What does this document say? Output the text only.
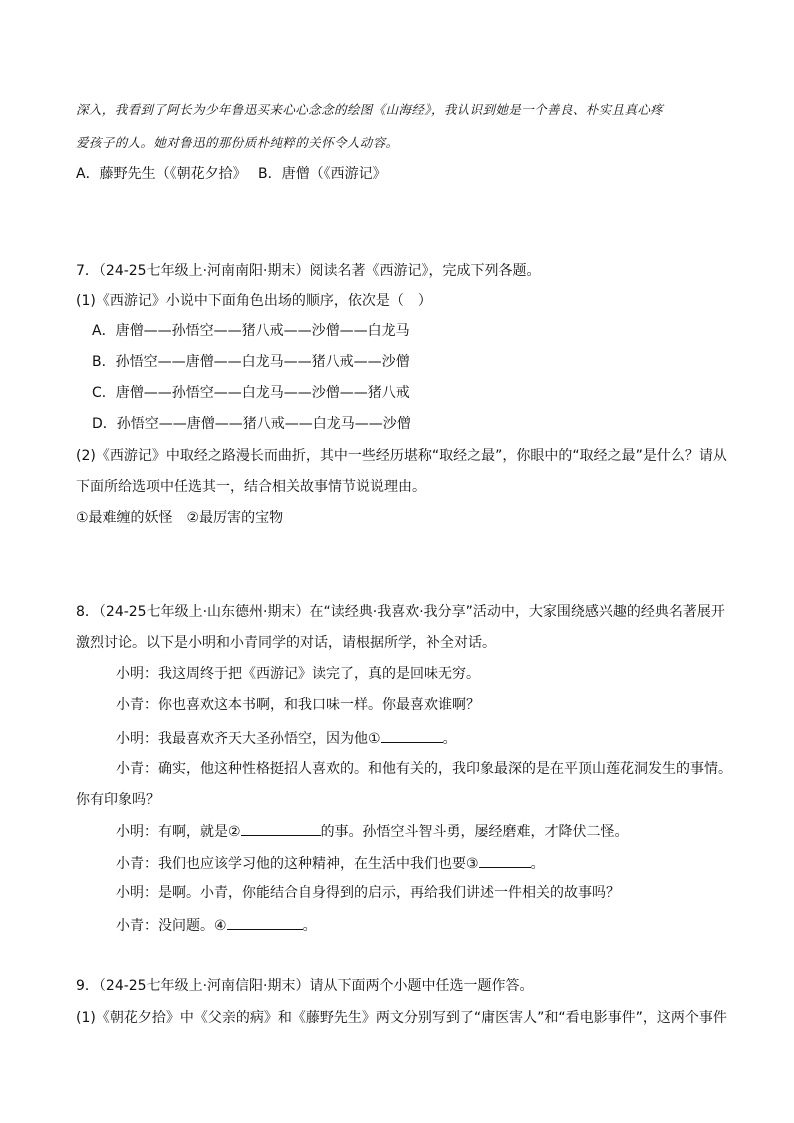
深入，我看到了阿长为少年鲁迅买来心心念念的绘图《山海经》，我认识到她是一个善良、朴实且真心疼
爱孩子的人。她对鲁迅的那份质朴纯粹的关怀令人动容。
A．藤野先生（《朝花夕拾》　 B．唐僧（《西游记》
7．（24-25七年级上·河南南阳·期末）阅读名著《西游记》，完成下列各题。
(1)《西游记》小说中下面角色出场的顺序，依次是（　）
A．唐僧——孙悟空——猪八戒——沙僧——白龙马
B．孙悟空——唐僧——白龙马——猪八戒——沙僧
C．唐僧——孙悟空——白龙马——沙僧——猪八戒
D．孙悟空——唐僧——猪八戒——白龙马——沙僧
(2)《西游记》中取经之路漫长而曲折，其中一些经历堪称“取经之最”，你眼中的“取经之最”是什么？请从
下面所给选项中任选其一，结合相关故事情节说说理由。
①最难缠的妖怪　②最厉害的宝物
8．（24-25七年级上·山东德州·期末）在“读经典·我喜欢·我分享”活动中，大家围绕感兴趣的经典名著展开
激烈讨论。以下是小明和小青同学的对话，请根据所学，补全对话。
小明：我这周终于把《西游记》读完了，真的是回味无穷。
小青：你也喜欢这本书啊，和我口味一样。你最喜欢谁啊？
小明：我最喜欢齐天大圣孙悟空，因为他①	。
小青：确实，他这种性格挺招人喜欢的。和他有关的，我印象最深的是在平顶山莲花洞发生的事情。
你有印象吗？
小明：有啊，就是②	的事。孙悟空斗智斗勇，屡经磨难，才降伏二怪。
小青：我们也应该学习他的这种精神，在生活中我们也要③	。
小明：是啊。小青，你能结合自身得到的启示，再给我们讲述一件相关的故事吗？
小青：没问题。④	。
9．（24-25七年级上·河南信阳·期末）请从下面两个小题中任选一题作答。
(1)《朝花夕拾》中《父亲的病》和《藤野先生》两文分别写到了“庸医害人”和“看电影事件”，这两个事件
